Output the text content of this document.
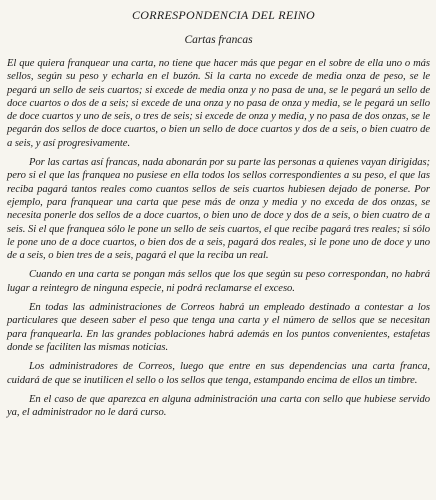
CORRESPONDENCIA DEL REINO
Cartas francas

El que quiera franquear una carta, no tiene que hacer más que pegar en el sobre de ella uno o más sellos, según su peso y echarla en el buzón. Si la carta no excede de media onza de peso, se le pegará un sello de seis cuartos; si excede de media onza y no pasa de una, se le pegará un sello de doce cuartos o dos de a seis; si excede de una onza y no pasa de onza y media, se le pegará un sello de doce cuartos y uno de seis, o tres de seis; si excede de onza y media, y no pasa de dos onzas, se le pegarán dos sellos de doce cuartos, o bien un sello de doce cuartos y dos de a seis, o bien cuatro de a seis, y así progresivamente.

Por las cartas así francas, nada abonarán por su parte las personas a quienes vayan dirigidas; pero si el que las franquea no pusiese en ella todos los sellos correspondientes a su peso, el que las reciba pagará tantos reales como cuantos sellos de seis cuartos hubiesen dejado de ponerse. Por ejemplo, para franquear una carta que pese más de onza y media y no exceda de dos onzas, se necesita ponerle dos sellos de a doce cuartos, o bien uno de doce y dos de a seis, o bien cuatro de a seis. Si el que franquea sólo le pone un sello de seis cuartos, el que recibe pagará tres reales; si sólo le pone uno de a doce cuartos, o bien dos de a seis, pagará dos reales, si le pone uno de doce y uno de a seis, o bien tres de a seis, pagará el que la reciba un real.

Cuando en una carta se pongan más sellos que los que según su peso correspondan, no habrá lugar a reintegro de ninguna especie, ni podrá reclamarse el exceso.

En todas las administraciones de Correos habrá un empleado destinado a contestar a los particulares que deseen saber el peso que tenga una carta y el número de sellos que se necesitan para franquearla. En las grandes poblaciones habrá además en los puntos convenientes, estafetas donde se faciliten las mismas noticias.

Los administradores de Correos, luego que entre en sus dependencias una carta franca, cuidará de que se inutilicen el sello o los sellos que tenga, estampando encima de ellos un timbre.

En el caso de que aparezca en alguna administración una carta con sello que hubiese servido ya, el administrador no le dará curso.
